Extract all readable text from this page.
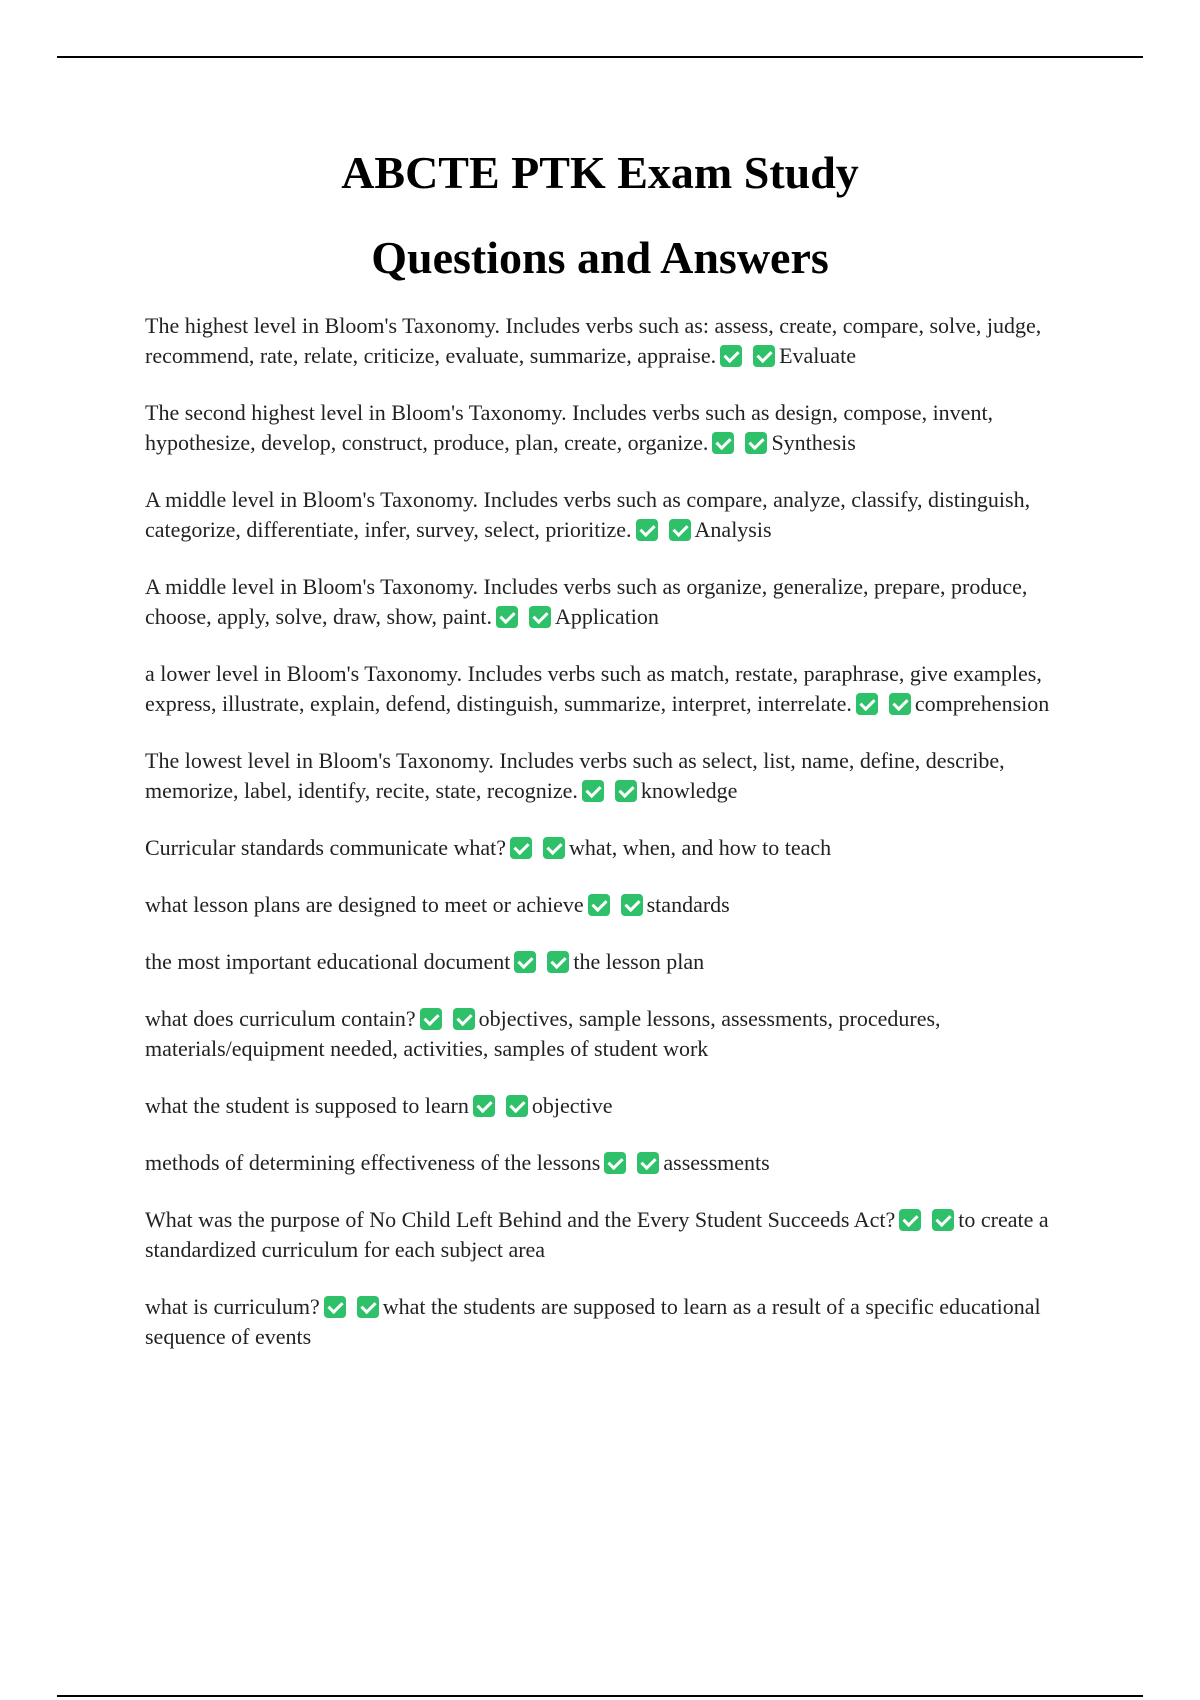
ABCTE PTK Exam Study
Questions and Answers

The highest level in Bloom's Taxonomy. Includes verbs such as: assess, create, compare, solve, judge, recommend, rate, relate, criticize, evaluate, summarize, appraise.	Evaluate

The second highest level in Bloom's Taxonomy. Includes verbs such as design, compose, invent, hypothesize, develop, construct, produce, plan, create, organize.	Synthesis

A middle level in Bloom's Taxonomy. Includes verbs such as compare, analyze, classify, distinguish, categorize, differentiate, infer, survey, select, prioritize.	Analysis

A middle level in Bloom's Taxonomy. Includes verbs such as organize, generalize, prepare, produce, choose, apply, solve, draw, show, paint.	Application

a lower level in Bloom's Taxonomy. Includes verbs such as match, restate, paraphrase, give examples, express, illustrate, explain, defend, distinguish, summarize, interpret, interrelate.	comprehension

The lowest level in Bloom's Taxonomy. Includes verbs such as select, list, name, define, describe, memorize, label, identify, recite, state, recognize.	knowledge

Curricular standards communicate what?	what, when, and how to teach

what lesson plans are designed to meet or achieve	standards

the most important educational document	the lesson plan

what does curriculum contain?	objectives, sample lessons, assessments, procedures, materials/equipment needed, activities, samples of student work

what the student is supposed to learn	objective

methods of determining effectiveness of the lessons	assessments

What was the purpose of No Child Left Behind and the Every Student Succeeds Act?	to create a standardized curriculum for each subject area

what is curriculum?	what the students are supposed to learn as a result of a specific educational sequence of events
